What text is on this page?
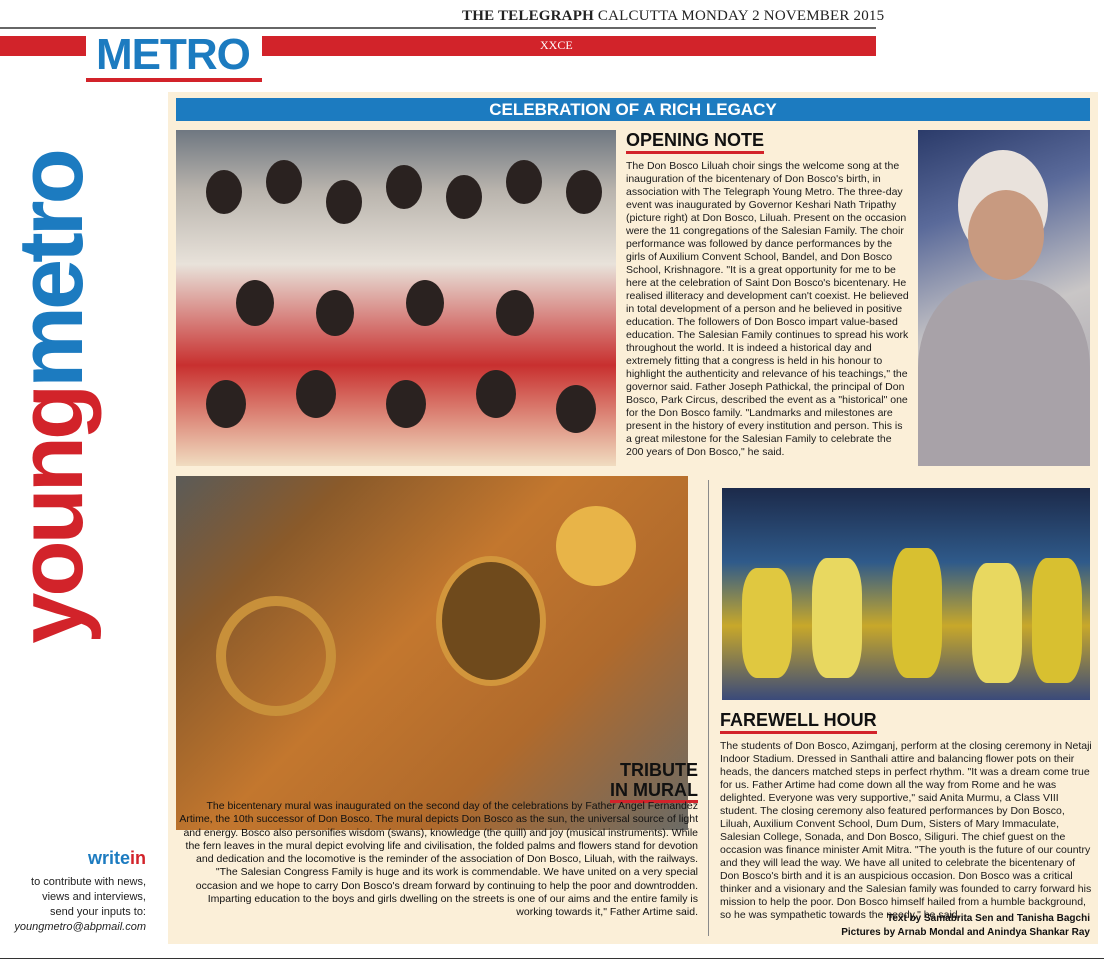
THE TELEGRAPH CALCUTTA MONDAY 2 NOVEMBER 2015
XXCE
METRO
youngmetro
writein

to contribute with news,

views and interviews,

send your inputs to:

youngmetro@abpmail.com

CELEBRATION OF A RICH LEGACY
OPENING NOTE
The Don Bosco Liluah choir sings the welcome song at the inauguration of the bicentenary of Don Bosco's birth, in association with The Telegraph Young Metro. The three-day event was inaugurated by Governor Keshari Nath Tripathy (picture right) at Don Bosco, Liluah. Present on the occasion were the 11 congregations of the Salesian Family. The choir performance was followed by dance performances by the girls of Auxilium Convent School, Bandel, and Don Bosco School, Krishnagore. "It is a great opportunity for me to be here at the celebration of Saint Don Bosco's bicentenary. He realised illiteracy and development can't coexist. He believed in total development of a person and he believed in positive education. The followers of Don Bosco impart value-based education. The Salesian Family continues to spread his work throughout the world. It is indeed a historical day and extremely fitting that a congress is held in his honour to highlight the authenticity and relevance of his teachings," the governor said. Father Joseph Pathickal, the principal of Don Bosco, Park Circus, described the event as a "historical" one for the Don Bosco family. "Landmarks and milestones are present in the history of every institution and person. This is a great milestone for the Salesian Family to celebrate the 200 years of Don Bosco," he said.
TRIBUTE
IN MURAL
The bicentenary mural was inaugurated on the second day of the celebrations by Father Angel Fernandez Artime, the 10th successor of Don Bosco. The mural depicts Don Bosco as the sun, the universal source of light and energy. Bosco also personifies wisdom (swans), knowledge (the quill) and joy (musical instruments). While the fern leaves in the mural depict evolving life and civilisation, the folded palms and flowers stand for devotion and dedication and the locomotive is the reminder of the association of Don Bosco, Liluah, with the railways. "The Salesian Congress Family is huge and its work is commendable. We have united on a very special occasion and we hope to carry Don Bosco's dream forward by continuing to help the poor and downtrodden. Imparting education to the boys and girls dwelling on the streets is one of our aims and the entire family is working towards it," Father Artime said.
FAREWELL HOUR
The students of Don Bosco, Azimganj, perform at the closing ceremony in Netaji Indoor Stadium. Dressed in Santhali attire and balancing flower pots on their heads, the dancers matched steps in perfect rhythm. "It was a dream come true for us. Father Artime had come down all the way from Rome and he was delighted. Everyone was very supportive," said Anita Murmu, a Class VIII student. The closing ceremony also featured performances by Don Bosco, Liluah, Auxilium Convent School, Dum Dum, Sisters of Mary Immaculate, Salesian College, Sonada, and Don Bosco, Siliguri. The chief guest on the occasion was finance minister Amit Mitra. "The youth is the future of our country and they will lead the way. We have all united to celebrate the bicentenary of Don Bosco's birth and it is an auspicious occasion. Don Bosco was a critical thinker and a visionary and the Salesian family was founded to carry forward his mission to help the poor. Don Bosco himself hailed from a humble background, so he was sympathetic towards the needy," he said.
Text by Samabrita Sen and Tanisha Bagchi
Pictures by Arnab Mondal and Anindya Shankar Ray
